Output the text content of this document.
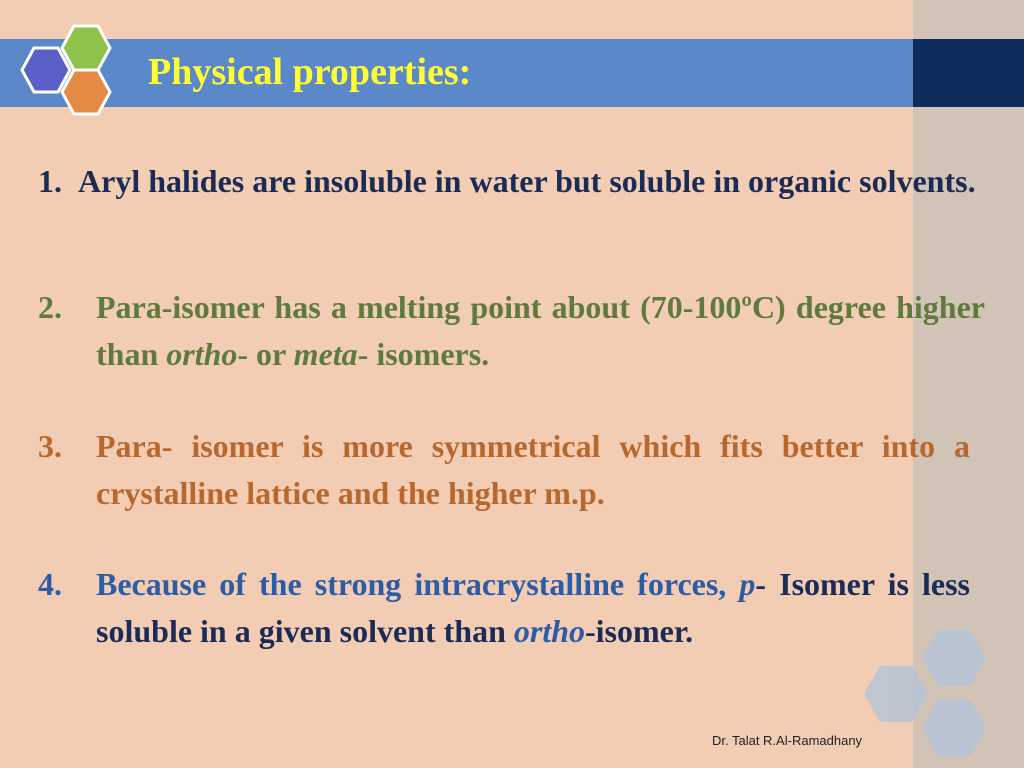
Physical properties:
1. Aryl halides are insoluble in water but soluble in organic solvents.
2. Para-isomer has a melting point about (70-100ºC) degree higher than ortho- or meta- isomers.
3. Para- isomer is more symmetrical which fits better into a crystalline lattice and the higher m.p.
4. Because of the strong intracrystalline forces, p- Isomer is less soluble in a given solvent than ortho-isomer.
Dr. Talat R.Al-Ramadhany
